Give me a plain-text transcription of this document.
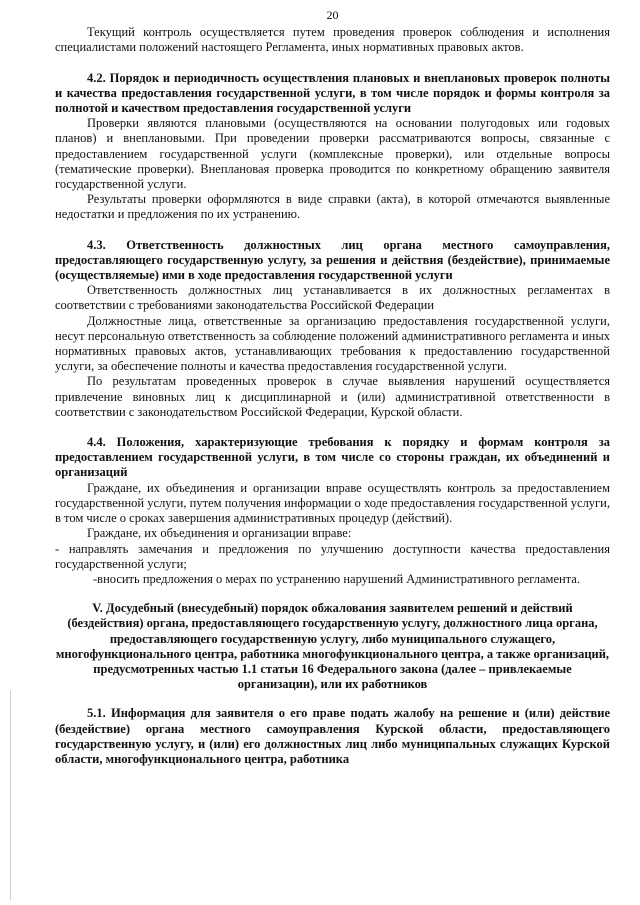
20

Текущий контроль осуществляется путем проведения проверок соблюдения и исполнения специалистами положений настоящего Регламента, иных нормативных правовых актов.

4.2. Порядок и периодичность осуществления плановых и внеплановых проверок полноты и качества предоставления государственной услуги, в том числе порядок и формы контроля за полнотой и качеством предоставления государственной услуги

Проверки являются плановыми (осуществляются на основании полугодовых или годовых планов) и внеплановыми. При проведении проверки рассматриваются вопросы, связанные с предоставлением государственной услуги (комплексные проверки), или отдельные вопросы (тематические проверки). Внеплановая проверка проводится по конкретному обращению заявителя государственной услуги.

Результаты проверки оформляются в виде справки (акта), в которой отмечаются выявленные недостатки и предложения по их устранению.

4.3. Ответственность должностных лиц органа местного самоуправления, предоставляющего государственную услугу, за решения и действия (бездействие), принимаемые (осуществляемые) ими в ходе предоставления государственной услуги

Ответственность должностных лиц устанавливается в их должностных регламентах в соответствии с требованиями законодательства Российской Федерации

Должностные лица, ответственные за организацию предоставления государственной услуги, несут персональную ответственность за соблюдение положений административного регламента и иных нормативных правовых актов, устанавливающих требования к предоставлению государственной услуги, за обеспечение полноты и качества предоставления государственной услуги.

По результатам проведенных проверок в случае выявления нарушений осуществляется привлечение виновных лиц к дисциплинарной и (или) административной ответственности в соответствии с законодательством Российской Федерации, Курской области.

4.4. Положения, характеризующие требования к порядку и формам контроля за предоставлением государственной услуги, в том числе со стороны граждан, их объединений и организаций

Граждане, их объединения и организации вправе осуществлять контроль за предоставлением государственной услуги, путем получения информации о ходе предоставления государственной услуги, в том числе о сроках завершения административных процедур (действий).

Граждане, их объединения и организации вправе:

- направлять замечания и предложения по улучшению доступности качества предоставления государственной услуги;

-вносить предложения о мерах по устранению нарушений Административного регламента.

V. Досудебный (внесудебный) порядок обжалования заявителем решений и действий (бездействия) органа, предоставляющего государственную услугу, должностного лица органа, предоставляющего государственную услугу, либо муниципального служащего, многофункционального центра, работника многофункционального центра, а также организаций, предусмотренных частью 1.1 статьи 16 Федерального закона (далее – привлекаемые организации), или их работников

5.1. Информация для заявителя о его праве подать жалобу на решение и (или) действие (бездействие) органа местного самоуправления Курской области, предоставляющего государственную услугу, и (или) его должностных лиц либо муниципальных служащих Курской области, многофункционального центра, работника
